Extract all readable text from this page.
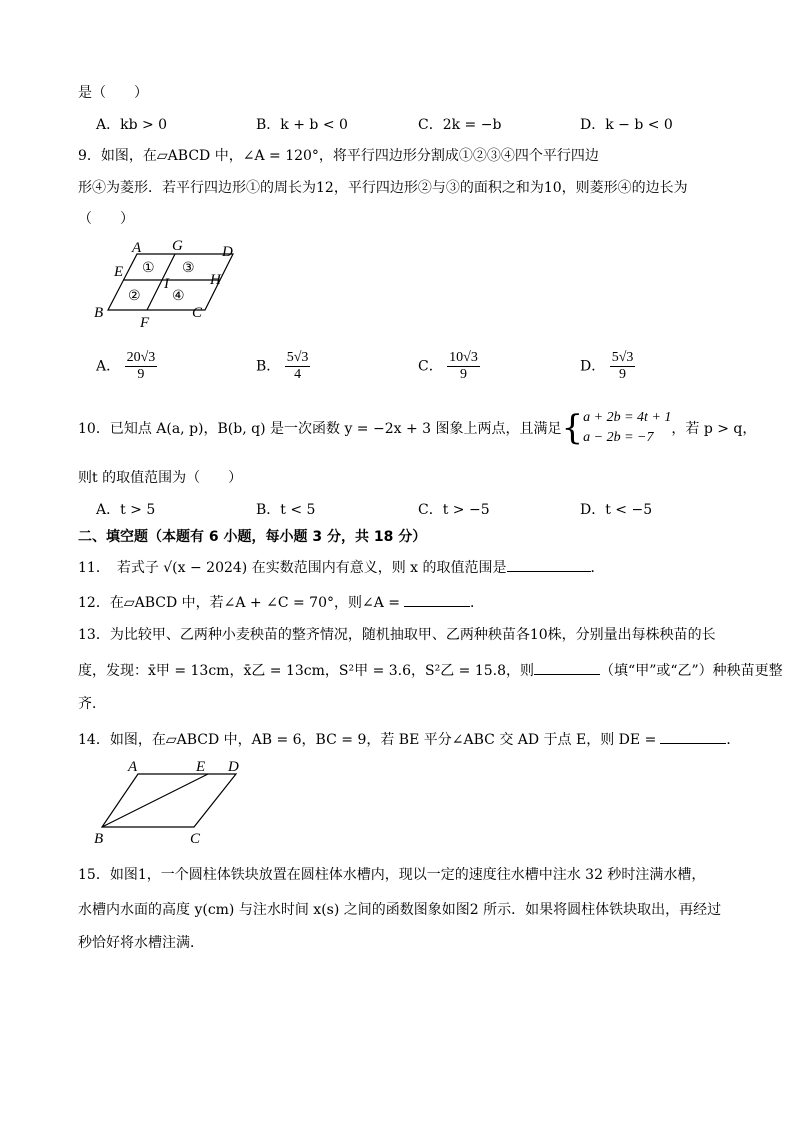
是（　　）
A．kb > 0	B．k + b < 0	C．2k = −b	D．k − b < 0
9．如图，在▱ABCD 中，∠A = 120°，将平行四边形分割成①②③④四个平行四边
形④为菱形．若平行四边形①的周长为12，平行四边形②与③的面积之和为10，则菱形④的边长为
（　　）
A G	D
E	H
I
B
F
C
① ③
② ④
A． $\frac{20√3}{9}$	B． $\frac{5√3}{4}$	C． $\frac{10√3}{9}$	D． $\frac{5√3}{9}$
10．已知点 A(a, p)，B(b, q) 是一次函数 y = −2x + 3 图象上两点，且满足{ a + 2b = 4t + 1
a − 2b = −7
，若 p > q，
则t 的取值范围为（　　）
A．t > 5	B．t < 5	C．t > −5	D．t < −5
二、填空题（本题有 6 小题，每小题 3 分，共 18 分）
11．　若式子 √(x − 2024) 在实数范围内有意义，则 x 的取值范围是	．
12．在▱ABCD 中，若∠A + ∠C = 70°，则∠A =	．
13．为比较甲、乙两种小麦秧苗的整齐情况，随机抽取甲、乙两种秧苗各10株，分别量出每株秧苗的长
度，发现：x̄甲 = 13cm，x̄乙 = 13cm，S²甲 = 3.6，S²乙 = 15.8，则	（填“甲”或“乙”）种秧苗更整
齐．
14．如图，在▱ABCD 中，AB = 6，BC = 9，若 BE 平分∠ABC 交 AD 于点 E，则 DE =	．
A	E D
B	C
15．如图1，一个圆柱体铁块放置在圆柱体水槽内，现以一定的速度往水槽中注水 32 秒时注满水槽，
水槽内水面的高度 y(cm) 与注水时间 x(s) 之间的函数图象如图2 所示．如果将圆柱体铁块取出，再经过
秒恰好将水槽注满．
